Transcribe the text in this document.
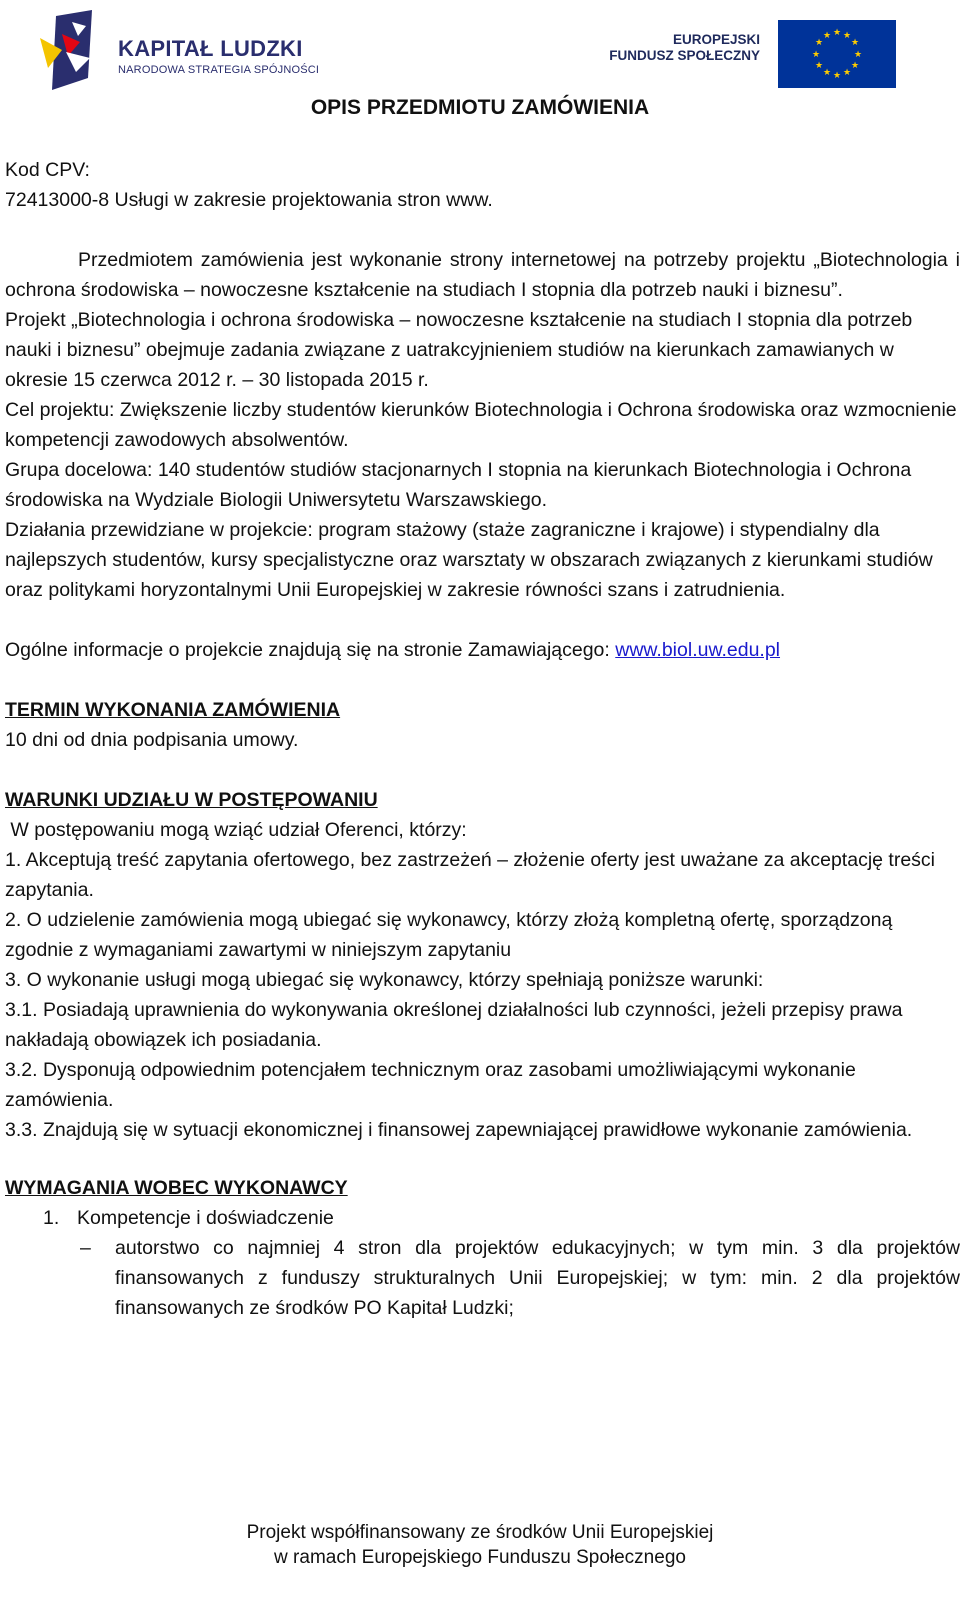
KAPITAŁ LUDZKI
NARODOWA STRATEGIA SPÓJNOŚCI
EUROPEJSKI
FUNDUSZ SPOŁECZNY
★ ★
★
★
★
★
★
★
★
★
★
★
OPIS PRZEDMIOTU ZAMÓWIENIA

Kod CPV:

72413000-8 Usługi w zakresie projektowania stron www.

Przedmiotem zamówienia jest wykonanie strony internetowej na potrzeby projektu „Biotechnologia i ochrona środowiska – nowoczesne kształcenie na studiach I stopnia dla potrzeb nauki i biznesu”.

Projekt „Biotechnologia i ochrona środowiska – nowoczesne kształcenie na studiach I stopnia dla potrzeb nauki i biznesu” obejmuje zadania związane z uatrakcyjnieniem studiów na kierunkach zamawianych w okresie 15 czerwca 2012 r. – 30 listopada 2015 r.

Cel projektu: Zwiększenie liczby studentów kierunków Biotechnologia i Ochrona środowiska oraz wzmocnienie kompetencji zawodowych absolwentów.

Grupa docelowa: 140 studentów studiów stacjonarnych I stopnia na kierunkach Biotechnologia i Ochrona środowiska na Wydziale Biologii Uniwersytetu Warszawskiego.

Działania przewidziane w projekcie: program stażowy (staże zagraniczne i krajowe) i stypendialny dla najlepszych studentów, kursy specjalistyczne oraz warsztaty w obszarach związanych z kierunkami studiów oraz politykami horyzontalnymi Unii Europejskiej w zakresie równości szans i zatrudnienia.

Ogólne informacje o projekcie znajdują się na stronie Zamawiającego: www.biol.uw.edu.pl

TERMIN WYKONANIA ZAMÓWIENIA

10 dni od dnia podpisania umowy.

WARUNKI UDZIAŁU W POSTĘPOWANIU

W postępowaniu mogą wziąć udział Oferenci, którzy:

1. Akceptują treść zapytania ofertowego, bez zastrzeżeń – złożenie oferty jest uważane za akceptację treści zapytania.

2. O udzielenie zamówienia mogą ubiegać się wykonawcy, którzy złożą kompletną ofertę, sporządzoną zgodnie z wymaganiami zawartymi w niniejszym zapytaniu

3. O wykonanie usługi mogą ubiegać się wykonawcy, którzy spełniają poniższe warunki:

3.1. Posiadają uprawnienia do wykonywania określonej działalności lub czynności, jeżeli przepisy prawa nakładają obowiązek ich posiadania.

3.2. Dysponują odpowiednim potencjałem technicznym oraz zasobami umożliwiającymi wykonanie zamówienia.

3.3. Znajdują się w sytuacji ekonomicznej i finansowej zapewniającej prawidłowe wykonanie zamówienia.

WYMAGANIA WOBEC WYKONAWCY

1. Kompetencje i doświadczenie

– autorstwo co najmniej 4 stron dla projektów edukacyjnych; w tym min. 3 dla projektów finansowanych z funduszy strukturalnych Unii Europejskiej; w tym: min. 2 dla projektów finansowanych ze środków PO Kapitał Ludzki;
Projekt współfinansowany ze środków Unii Europejskiej
w ramach Europejskiego Funduszu Społecznego
